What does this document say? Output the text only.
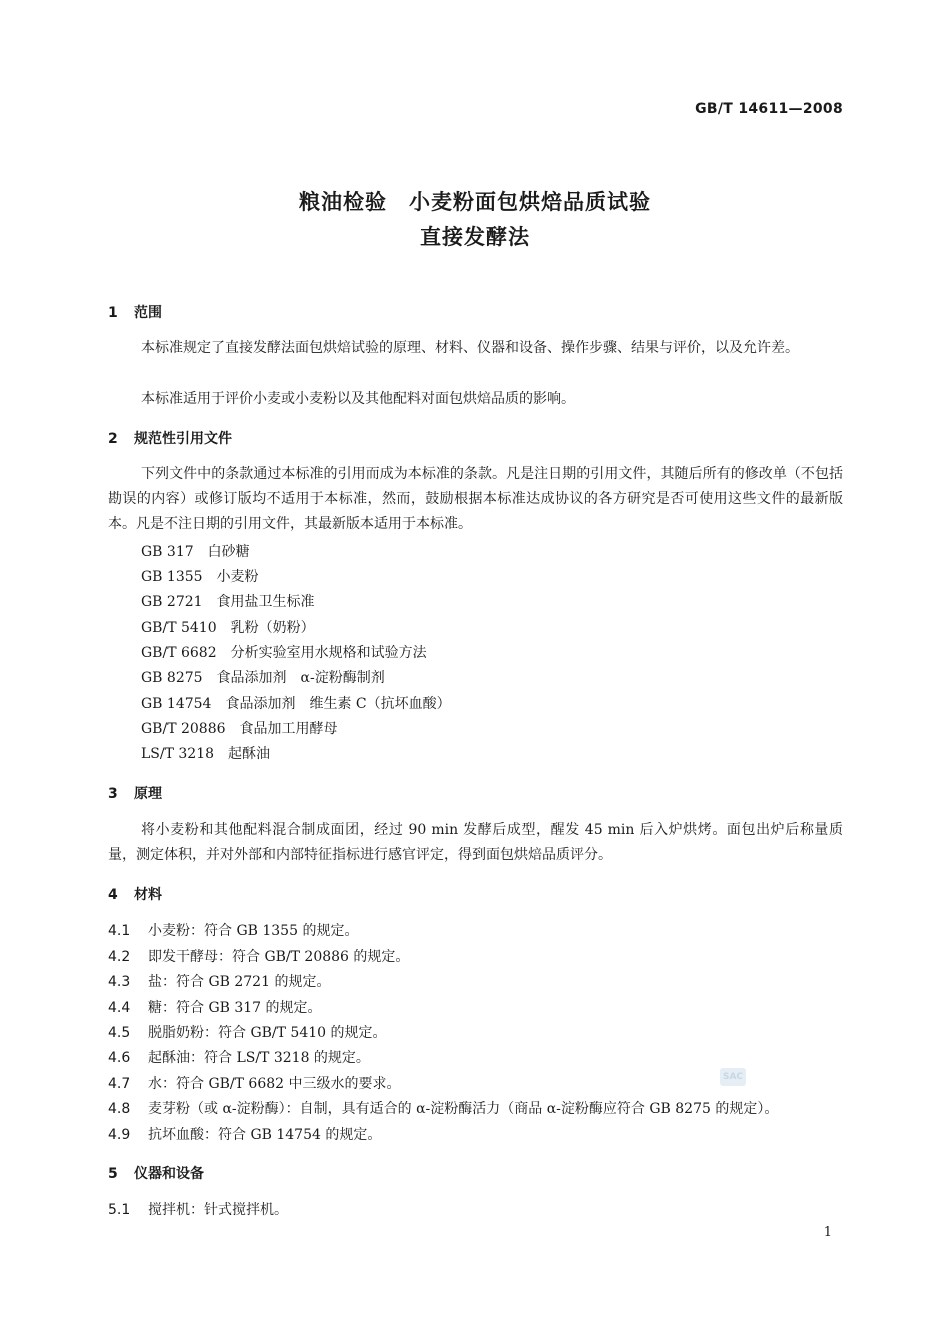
GB/T 14611—2008
粮油检验　小麦粉面包烘焙品质试验
直接发酵法
1 范围
本标准规定了直接发酵法面包烘焙试验的原理、材料、仪器和设备、操作步骤、结果与评价，以及允许差。
本标准适用于评价小麦或小麦粉以及其他配料对面包烘焙品质的影响。
2 规范性引用文件
下列文件中的条款通过本标准的引用而成为本标准的条款。凡是注日期的引用文件，其随后所有的修改单（不包括勘误的内容）或修订版均不适用于本标准，然而，鼓励根据本标准达成协议的各方研究是否可使用这些文件的最新版本。凡是不注日期的引用文件，其最新版本适用于本标准。
GB 317　 白砂糖
GB 1355　 小麦粉
GB 2721　 食用盐卫生标准
GB/T 5410　 乳粉（奶粉）
GB/T 6682　 分析实验室用水规格和试验方法
GB 8275　 食品添加剂　α-淀粉酶制剂
GB 14754　 食品添加剂　维生素 C（抗坏血酸）
GB/T 20886　 食品加工用酵母
LS/T 3218　 起酥油
3 原理
将小麦粉和其他配料混合制成面团，经过 90 min 发酵后成型，醒发 45 min 后入炉烘烤。面包出炉后称量质量，测定体积，并对外部和内部特征指标进行感官评定，得到面包烘焙品质评分。
4 材料
4.1 小麦粉：符合 GB 1355 的规定。
4.2 即发干酵母：符合 GB/T 20886 的规定。
4.3 盐：符合 GB 2721 的规定。
4.4 糖：符合 GB 317 的规定。
4.5 脱脂奶粉：符合 GB/T 5410 的规定。
4.6 起酥油：符合 LS/T 3218 的规定。
4.7 水：符合 GB/T 6682 中三级水的要求。
4.8 麦芽粉（或 α-淀粉酶）：自制，具有适合的 α-淀粉酶活力（商品 α-淀粉酶应符合 GB 8275 的规定）。
4.9 抗坏血酸：符合 GB 14754 的规定。
5 仪器和设备
5.1 搅拌机：针式搅拌机。
SAC
1
